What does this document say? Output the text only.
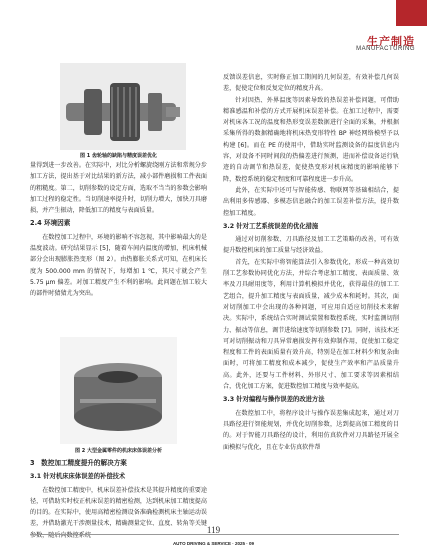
生产制造
MANUFACTURING
图 1 齿轮轴的缺陷与精度误差优化

量得到进一步改善。在实际中，对比分析螺旋绕刚方法和常规分步加工方法，提出基于对比结果的新方法，减小部件磨损和工件表面的粗糙度。第二，切削参数的设定方面，选取不当当的参数会影响加工过程的稳定性。当切削速率提升时，切削力增大，加快刀具磨损，并产生振动，降低加工的精度与表面质量。

2.4 环境因素

在数控加工过程中，环境的影响不容忽视，其中影响最大的是温度波动。研究结果显示 [5]，随着车间内温度的增加，机床机械部分会出现膨胀热变形（图 2）。由热膨胀关系式可知，在机床长度为 500.000 mm 的情况下，每增加 1 ℃，其尺寸就会产生 5.75 μm 偏差。对加工精度产生不利的影响。此问题在加工较大的部件时猜猜尤为突出。

图 2 大型金属零件的机床床体误差分析
3　数控加工精度提升的解决方案
3.1 针对机床床体误差的补偿技术

在数控加工精度中，机床误差补偿技术是其提升精度的重要途径，可借助实时校正机床误差的精密检测，达到机床加工精度提高的目的。在实际中，使用高精密检测设备准确检测机床主轴运动误差，并借助激光干涉测量技术，精确测量定位、直度、转角等关键参数，随后向数控系统

反馈误差信息，实时修正加工期间的几何误差，有效补偿几何误差，促使定位和反复定位的精度升高。

针对因热、外界温度等因素导致的热误差补偿问题，可借助精准感温和补偿的方式开展机床误差补偿。在加工过程中，需要对机床各工况的温度和热形变误差数据进行全面的采集，并根据采集所得的数据精确地将机床热变形特性 BP 神经网络模型予以构建 [6]。而在 PE 的使用中，借助实时监测设备的温度信息内容，对设备不同时间段的热偏差进行预测，进而补偿设备运行轨迹的自动调节和热误差，促使热变形对机床精度的影响能够下降，数控系统的稳定程度和可靠程度进一步升高。

此外，在实际中还可与智能传感、物联网等基础相结合，提出利用多传感器、多模态信息融合的加工误差补偿方法，提升数控加工精度。

3.2 针对工艺系统误差的优化措施

通过对切削参数、刀具路径及加工工艺策略的改善，可有效提升数控机床的加工质量与经济效益。

首先，在实际中将智能算法引入参数优化，形成一种高效切削工艺参数协同优化方法，并综合考虑加工精度、表面质量、效率及刀具耐用度等，利用计算机模拟并优化，获得最佳的加工工艺组合，提升加工精度与表面质量，减少成本和耗时。其次，面对切削加工中会出现的各种问题，可应用自适应切削技术来解决。实际中，系统结合实时测试装置和数控系统，实时监测切削力、振动等信息，调节进给速度等切削参数 [7]。同时，该技术还可对切削振动和刀具异常磨损发挥有效抑制作用，促使加工稳定程度和工件的表面质量有效升高，特别是在加工材料少和复杂曲面时，可将加工精度和成本减少，促使生产效率和产品质量升高。此外，还要与工件材料、外形尺寸、加工要求等因素相结合，优化加工方案，促进数控加工精度与效率提高。

3.3 针对编程与操作误差的改进方法

在数控加工中，将程序设计与操作误差集成起来，通过对刀具路径进行智能规划，并优化切削参数，达到提高加工精度的目的。对于智能刀具路径的设计，利用仿真软件对刀具路径开展全面模拟与优化，且在专业仿真软件帮

119
AUTO DRIVING & SERVICE · 2025 · 09
